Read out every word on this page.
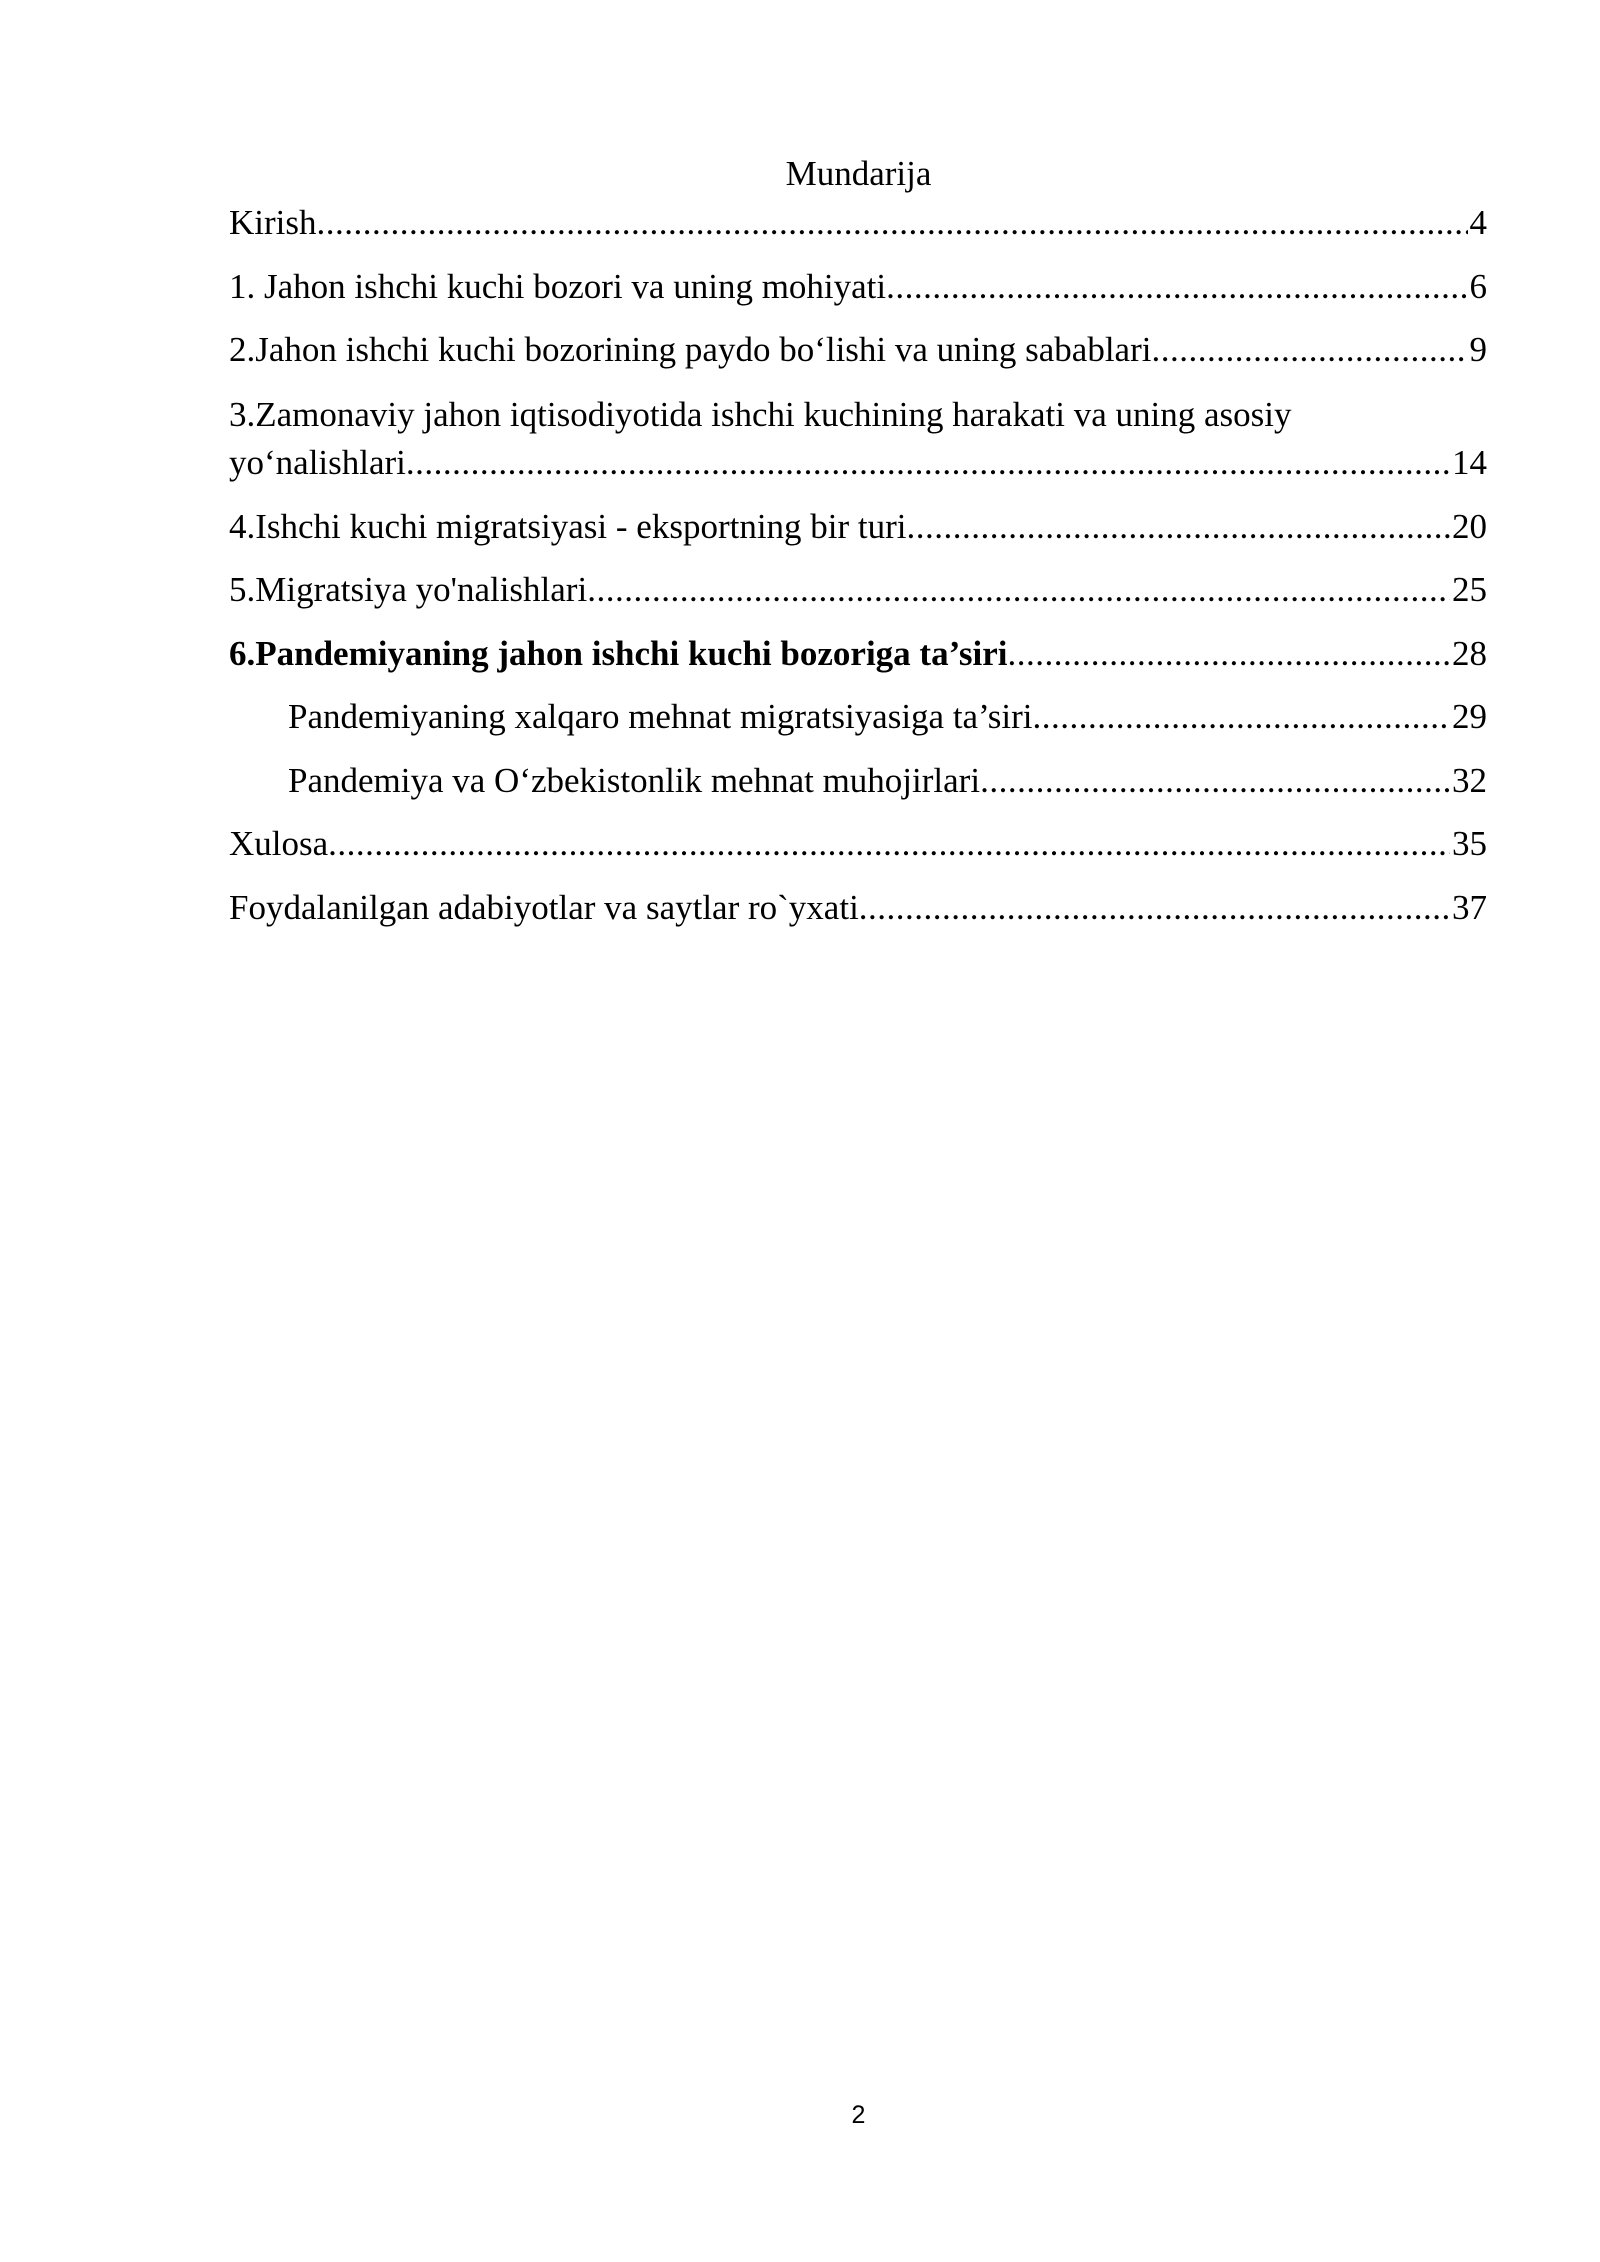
Mundarija
Kirish .....	4
1. Jahon ishchi kuchi bozori va uning mohiyati .....	6
2.Jahon ishchi kuchi bozorining paydo bo‘lishi va uning sabablari .....	9
3.Zamonaviy jahon iqtisodiyotida ishchi kuchining harakati va uning asosiy
yo‘nalishlari .....	14
4.Ishchi kuchi migratsiyasi - eksportning bir turi .....	20
5.Migratsiya yo'nalishlari .....	25
6.Pandemiyaning jahon ishchi kuchi bozoriga ta’siri .....	28
Pandemiyaning xalqaro mehnat migratsiyasiga ta’siri .....	29
Pandemiya va O‘zbekistonlik mehnat muhojirlari .....	32
Xulosa .....	35
Foydalanilgan adabiyotlar va saytlar ro`yxati .....	37
2
